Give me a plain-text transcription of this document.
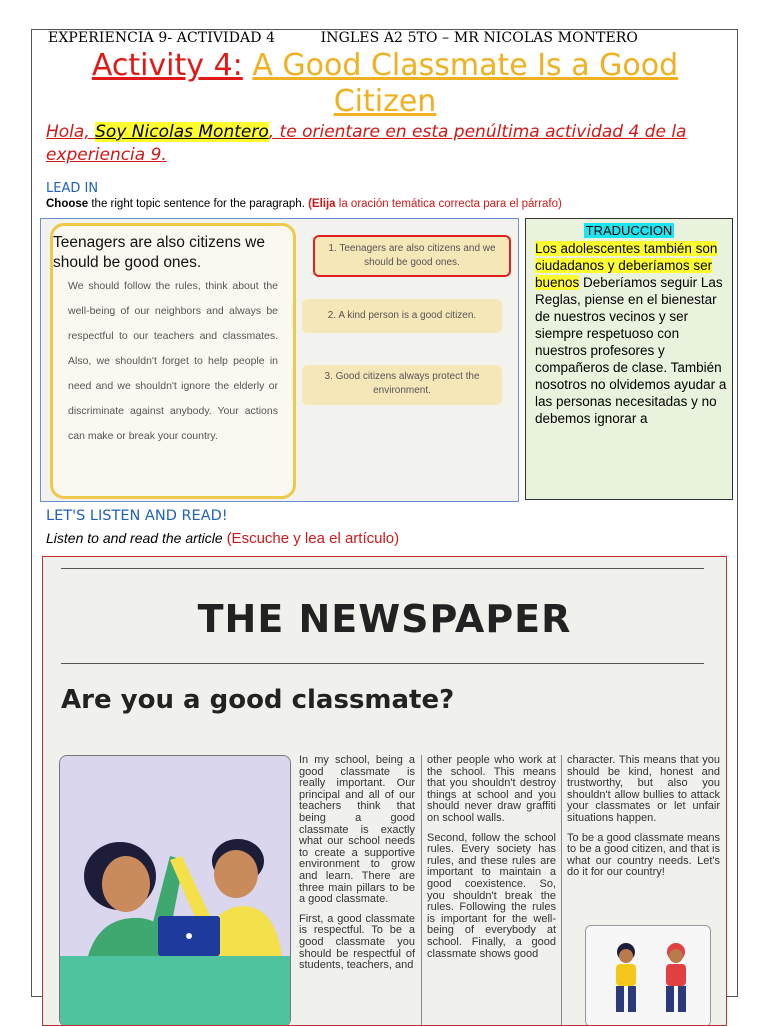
EXPERIENCIA 9- ACTIVIDAD 4          INGLES A2 5TO – MR NICOLAS MONTERO
Activity 4: A Good Classmate Is a Good Citizen
Hola, Soy Nicolas Montero, te orientare en esta penúltima actividad 4 de la experiencia 9.
LEAD IN
Choose the right topic sentence for the paragraph. (Elija la oración temática correcta para el párrafo)
We should follow the rules, think about the well-being of our neighbors and always be respectful to our teachers and classmates. Also, we shouldn't forget to help people in need and we shouldn't ignore the elderly or discriminate against anybody. Your actions can make or break your country.
Teenagers are also citizens we should be good ones.
1. Teenagers are also citizens and we should be good ones.
2. A kind person is a good citizen.
3. Good citizens always protect the environment.
TRADUCCION
Los adolescentes también son ciudadanos y deberíamos ser buenos Deberíamos seguir Las Reglas, piense en el bienestar de nuestros vecinos y ser siempre respetuoso con nuestros profesores y compañeros de clase. También nosotros no olvidemos ayudar a las personas necesitadas y no debemos ignorar a
LET'S LISTEN AND READ!
Listen to and read the article (Escuche y lea el artículo)
THE NEWSPAPER
Are you a good classmate?

In my school, being a good classmate is really important. Our principal and all of our teachers think that being a good classmate is exactly what our school needs to create a supportive environment to grow and learn. There are three main pillars to be a good classmate.

First, a good classmate is respectful. To be a good classmate you should be respectful of students, teachers, and

other people who work at the school. This means that you shouldn't destroy things at school and you should never draw graffiti on school walls.

Second, follow the school rules. Every society has rules, and these rules are important to maintain a good coexistence. So, you shouldn't break the rules. Following the rules is important for the well-being of everybody at school. Finally, a good classmate shows good

character. This means that you should be kind, honest and trustworthy, but also you shouldn't allow bullies to attack your classmates or let unfair situations happen.

To be a good classmate means to be a good citizen, and that is what our country needs. Let's do it for our country!
